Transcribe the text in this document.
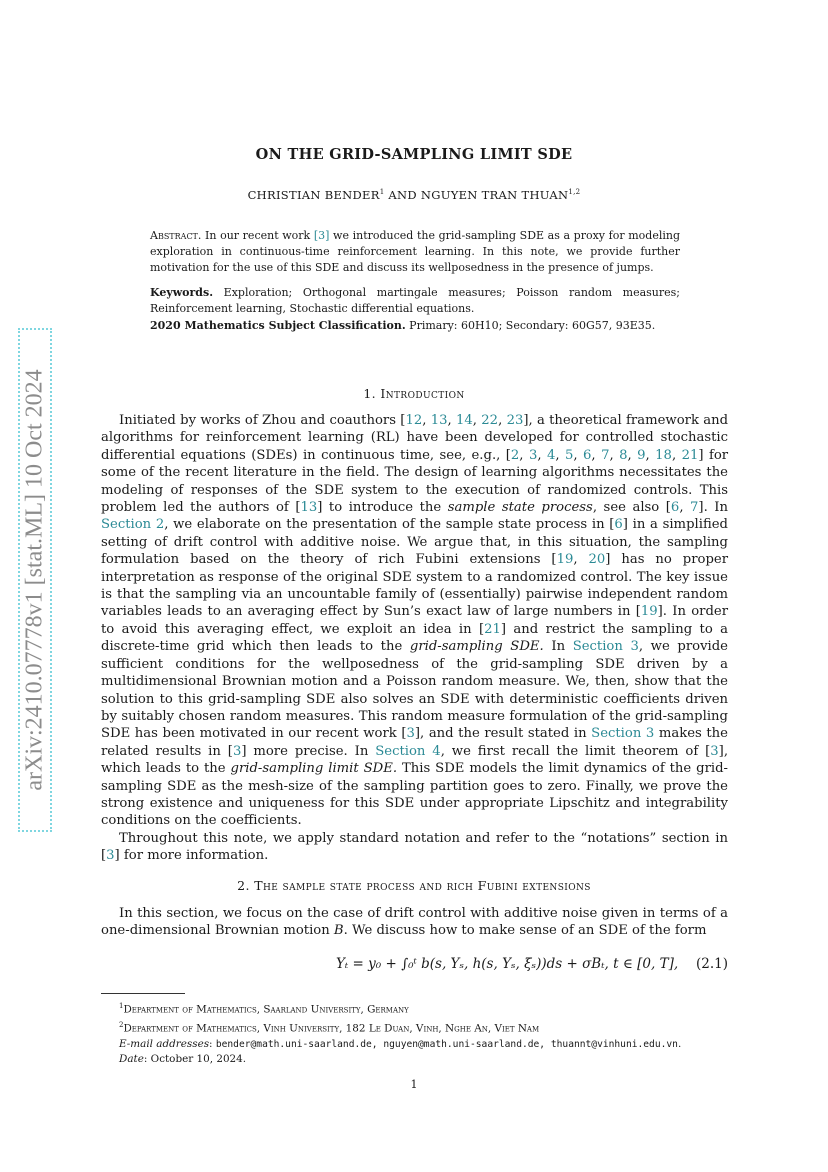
arXiv:2410.07778v1 [stat.ML] 10 Oct 2024
ON THE GRID-SAMPLING LIMIT SDE
CHRISTIAN BENDER$^1$ AND NGUYEN TRAN THUAN$^{1,2}$
Abstract. In our recent work [3] we introduced the grid-sampling SDE as a proxy for modeling exploration in continuous-time reinforcement learning. In this note, we provide further motivation for the use of this SDE and discuss its wellposedness in the presence of jumps.
Keywords. Exploration; Orthogonal martingale measures; Poisson random measures; Reinforcement learning, Stochastic differential equations.
2020 Mathematics Subject Classification. Primary: 60H10; Secondary: 60G57, 93E35.
1. Introduction

Initiated by works of Zhou and coauthors [12, 13, 14, 22, 23], a theoretical framework and algorithms for reinforcement learning (RL) have been developed for controlled stochastic differential equations (SDEs) in continuous time, see, e.g., [2, 3, 4, 5, 6, 7, 8, 9, 18, 21] for some of the recent literature in the field. The design of learning algorithms necessitates the modeling of responses of the SDE system to the execution of randomized controls. This problem led the authors of [13] to introduce the sample state process, see also [6, 7]. In Section 2, we elaborate on the presentation of the sample state process in [6] in a simplified setting of drift control with additive noise. We argue that, in this situation, the sampling formulation based on the theory of rich Fubini extensions [19, 20] has no proper interpretation as response of the original SDE system to a randomized control. The key issue is that the sampling via an uncountable family of (essentially) pairwise independent random variables leads to an averaging effect by Sun’s exact law of large numbers in [19]. In order to avoid this averaging effect, we exploit an idea in [21] and restrict the sampling to a discrete-time grid which then leads to the grid-sampling SDE. In Section 3, we provide sufficient conditions for the wellposedness of the grid-sampling SDE driven by a multidimensional Brownian motion and a Poisson random measure. We, then, show that the solution to this grid-sampling SDE also solves an SDE with deterministic coefficients driven by suitably chosen random measures. This random measure formulation of the grid-sampling SDE has been motivated in our recent work [3], and the result stated in Section 3 makes the related results in [3] more precise. In Section 4, we first recall the limit theorem of [3], which leads to the grid-sampling limit SDE. This SDE models the limit dynamics of the grid-sampling SDE as the mesh-size of the sampling partition goes to zero. Finally, we prove the strong existence and uniqueness for this SDE under appropriate Lipschitz and integrability conditions on the coefficients.

Throughout this note, we apply standard notation and refer to the “notations” section in [3] for more information.

2. The sample state process and rich Fubini extensions

In this section, we focus on the case of drift control with additive noise given in terms of a one-dimensional Brownian motion B. We discuss how to make sense of an SDE of the form

Yₜ = y₀ + ∫₀ᵗ b(s, Yₛ, h(s, Yₛ, ξₛ))ds + σBₜ, t ∈ [0, T], (2.1)
$^1$Department of Mathematics, Saarland University, Germany
$^2$Department of Mathematics, Vinh University, 182 Le Duan, Vinh, Nghe An, Viet Nam
E-mail addresses: bender@math.uni-saarland.de, nguyen@math.uni-saarland.de, thuannt@vinhuni.edu.vn.
Date: October 10, 2024.
1
